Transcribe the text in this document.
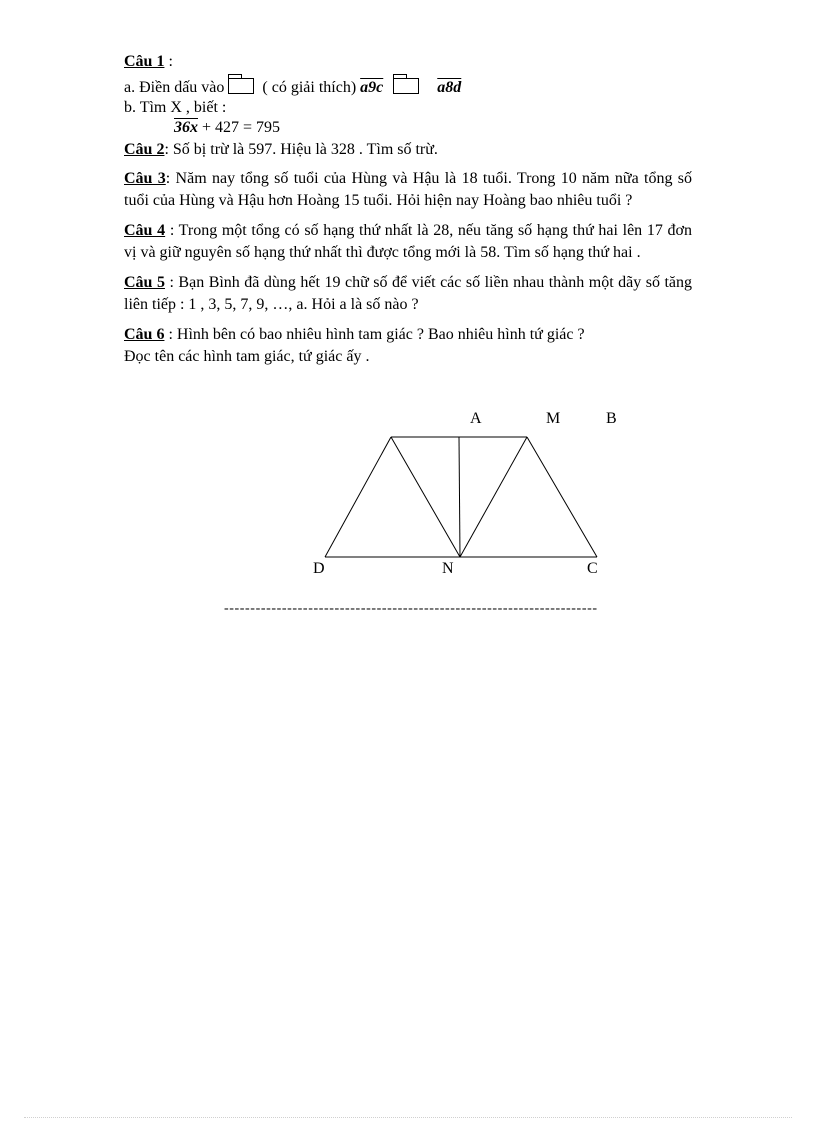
Câu 1 :
a. Điền dấu vào ( có giải thích) a9c	a8d
b. Tìm X , biết :
36x + 427 = 795
Câu 2: Số bị trừ là 597. Hiệu là 328 . Tìm số trừ.
Câu 3: Năm nay tổng số tuổi của Hùng và Hậu là 18 tuổi. Trong 10 năm nữa tổng số tuổi của Hùng và Hậu hơn Hoàng 15 tuổi. Hỏi hiện nay Hoàng bao nhiêu tuổi ?
Câu 4 : Trong một tổng có số hạng thứ nhất là 28, nếu tăng số hạng thứ hai lên 17 đơn vị và giữ nguyên số hạng thứ nhất thì được tổng mới là 58. Tìm số hạng thứ hai .
Câu 5 : Bạn Bình đã dùng hết 19 chữ số để viết các số liền nhau thành một dãy số tăng liên tiếp : 1 , 3, 5, 7, 9, …, a. Hỏi a là số nào ?
Câu 6 : Hình bên có bao nhiêu hình tam giác ? Bao nhiêu hình tứ giác ?
Đọc tên các hình tam giác, tứ giác ấy .
A	M	B
D	N	C
-----------------------------------------------------------------------
